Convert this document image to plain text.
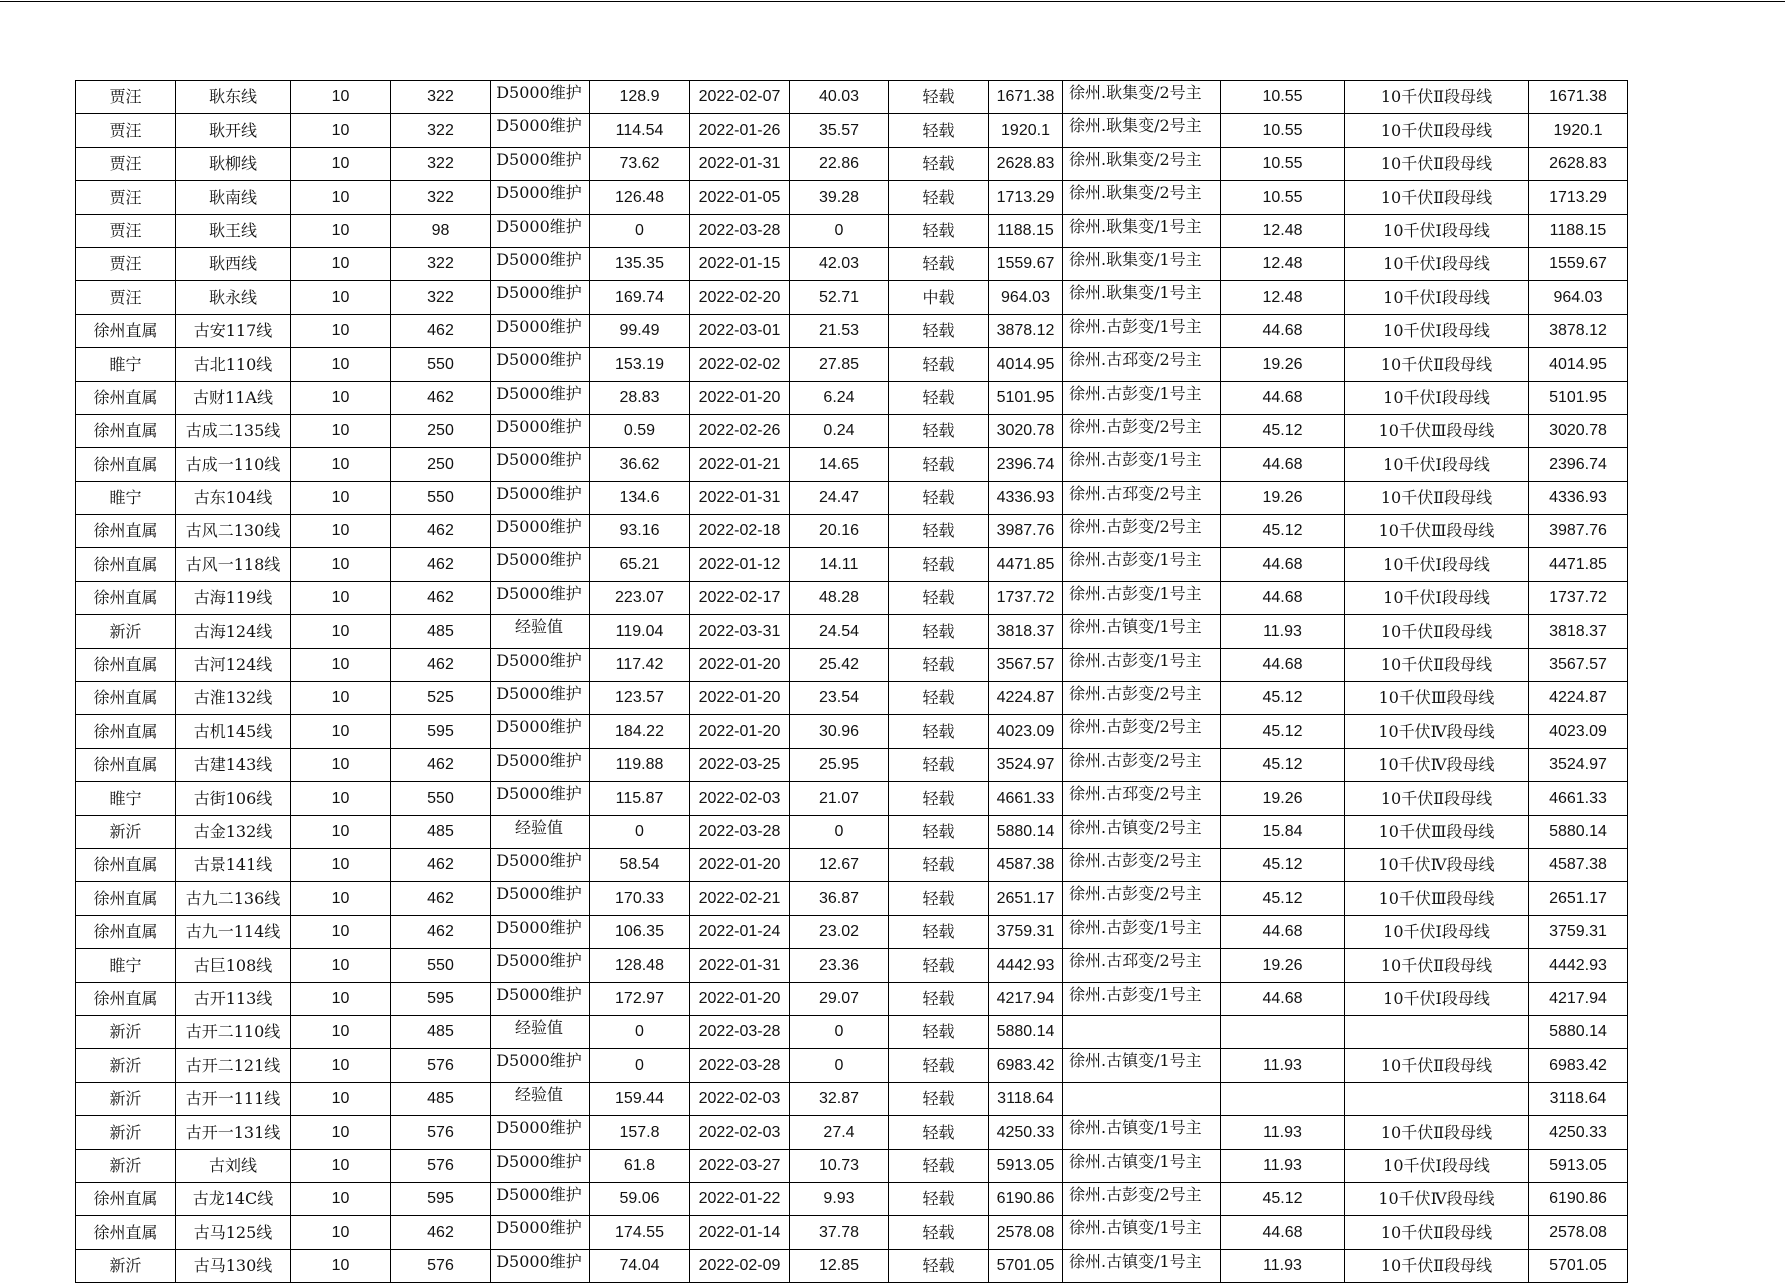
贾汪	耿东线	10	322	D5000维护	128.9	2022-02-07	40.03	轻载	1671.38	徐州.耿集变/2号主	10.55	10千伏Ⅱ段母线	1671.38
贾汪	耿开线	10	322	D5000维护	114.54	2022-01-26	35.57	轻载	1920.1	徐州.耿集变/2号主	10.55	10千伏Ⅱ段母线	1920.1
贾汪	耿柳线	10	322	D5000维护	73.62	2022-01-31	22.86	轻载	2628.83	徐州.耿集变/2号主	10.55	10千伏Ⅱ段母线	2628.83
贾汪	耿南线	10	322	D5000维护	126.48	2022-01-05	39.28	轻载	1713.29	徐州.耿集变/2号主	10.55	10千伏Ⅱ段母线	1713.29
贾汪	耿王线	10	98	D5000维护	0	2022-03-28	0	轻载	1188.15	徐州.耿集变/1号主	12.48	10千伏Ⅰ段母线	1188.15
贾汪	耿西线	10	322	D5000维护	135.35	2022-01-15	42.03	轻载	1559.67	徐州.耿集变/1号主	12.48	10千伏Ⅰ段母线	1559.67
贾汪	耿永线	10	322	D5000维护	169.74	2022-02-20	52.71	中载	964.03	徐州.耿集变/1号主	12.48	10千伏Ⅰ段母线	964.03
徐州直属	古安117线	10	462	D5000维护	99.49	2022-03-01	21.53	轻载	3878.12	徐州.古彭变/1号主	44.68	10千伏Ⅰ段母线	3878.12
睢宁	古北110线	10	550	D5000维护	153.19	2022-02-02	27.85	轻载	4014.95	徐州.古邳变/2号主	19.26	10千伏Ⅱ段母线	4014.95
徐州直属	古财11A线	10	462	D5000维护	28.83	2022-01-20	6.24	轻载	5101.95	徐州.古彭变/1号主	44.68	10千伏Ⅰ段母线	5101.95
徐州直属	古成二135线	10	250	D5000维护	0.59	2022-02-26	0.24	轻载	3020.78	徐州.古彭变/2号主	45.12	10千伏Ⅲ段母线	3020.78
徐州直属	古成一110线	10	250	D5000维护	36.62	2022-01-21	14.65	轻载	2396.74	徐州.古彭变/1号主	44.68	10千伏Ⅰ段母线	2396.74
睢宁	古东104线	10	550	D5000维护	134.6	2022-01-31	24.47	轻载	4336.93	徐州.古邳变/2号主	19.26	10千伏Ⅱ段母线	4336.93
徐州直属	古风二130线	10	462	D5000维护	93.16	2022-02-18	20.16	轻载	3987.76	徐州.古彭变/2号主	45.12	10千伏Ⅲ段母线	3987.76
徐州直属	古风一118线	10	462	D5000维护	65.21	2022-01-12	14.11	轻载	4471.85	徐州.古彭变/1号主	44.68	10千伏Ⅰ段母线	4471.85
徐州直属	古海119线	10	462	D5000维护	223.07	2022-02-17	48.28	轻载	1737.72	徐州.古彭变/1号主	44.68	10千伏Ⅰ段母线	1737.72
新沂	古海124线	10	485	经验值	119.04	2022-03-31	24.54	轻载	3818.37	徐州.古镇变/1号主	11.93	10千伏Ⅱ段母线	3818.37
徐州直属	古河124线	10	462	D5000维护	117.42	2022-01-20	25.42	轻载	3567.57	徐州.古彭变/1号主	44.68	10千伏Ⅱ段母线	3567.57
徐州直属	古淮132线	10	525	D5000维护	123.57	2022-01-20	23.54	轻载	4224.87	徐州.古彭变/2号主	45.12	10千伏Ⅲ段母线	4224.87
徐州直属	古机145线	10	595	D5000维护	184.22	2022-01-20	30.96	轻载	4023.09	徐州.古彭变/2号主	45.12	10千伏Ⅳ段母线	4023.09
徐州直属	古建143线	10	462	D5000维护	119.88	2022-03-25	25.95	轻载	3524.97	徐州.古彭变/2号主	45.12	10千伏Ⅳ段母线	3524.97
睢宁	古街106线	10	550	D5000维护	115.87	2022-02-03	21.07	轻载	4661.33	徐州.古邳变/2号主	19.26	10千伏Ⅱ段母线	4661.33
新沂	古金132线	10	485	经验值	0	2022-03-28	0	轻载	5880.14	徐州.古镇变/2号主	15.84	10千伏Ⅲ段母线	5880.14
徐州直属	古景141线	10	462	D5000维护	58.54	2022-01-20	12.67	轻载	4587.38	徐州.古彭变/2号主	45.12	10千伏Ⅳ段母线	4587.38
徐州直属	古九二136线	10	462	D5000维护	170.33	2022-02-21	36.87	轻载	2651.17	徐州.古彭变/2号主	45.12	10千伏Ⅲ段母线	2651.17
徐州直属	古九一114线	10	462	D5000维护	106.35	2022-01-24	23.02	轻载	3759.31	徐州.古彭变/1号主	44.68	10千伏Ⅰ段母线	3759.31
睢宁	古巨108线	10	550	D5000维护	128.48	2022-01-31	23.36	轻载	4442.93	徐州.古邳变/2号主	19.26	10千伏Ⅱ段母线	4442.93
徐州直属	古开113线	10	595	D5000维护	172.97	2022-01-20	29.07	轻载	4217.94	徐州.古彭变/1号主	44.68	10千伏Ⅰ段母线	4217.94
新沂	古开二110线	10	485	经验值	0	2022-03-28	0	轻载	5880.14				5880.14
新沂	古开二121线	10	576	D5000维护	0	2022-03-28	0	轻载	6983.42	徐州.古镇变/1号主	11.93	10千伏Ⅱ段母线	6983.42
新沂	古开一111线	10	485	经验值	159.44	2022-02-03	32.87	轻载	3118.64				3118.64
新沂	古开一131线	10	576	D5000维护	157.8	2022-02-03	27.4	轻载	4250.33	徐州.古镇变/1号主	11.93	10千伏Ⅱ段母线	4250.33
新沂	古刘线	10	576	D5000维护	61.8	2022-03-27	10.73	轻载	5913.05	徐州.古镇变/1号主	11.93	10千伏Ⅰ段母线	5913.05
徐州直属	古龙14C线	10	595	D5000维护	59.06	2022-01-22	9.93	轻载	6190.86	徐州.古彭变/2号主	45.12	10千伏Ⅳ段母线	6190.86
徐州直属	古马125线	10	462	D5000维护	174.55	2022-01-14	37.78	轻载	2578.08	徐州.古镇变/1号主	44.68	10千伏Ⅱ段母线	2578.08
新沂	古马130线	10	576	D5000维护	74.04	2022-02-09	12.85	轻载	5701.05	徐州.古镇变/1号主	11.93	10千伏Ⅱ段母线	5701.05
